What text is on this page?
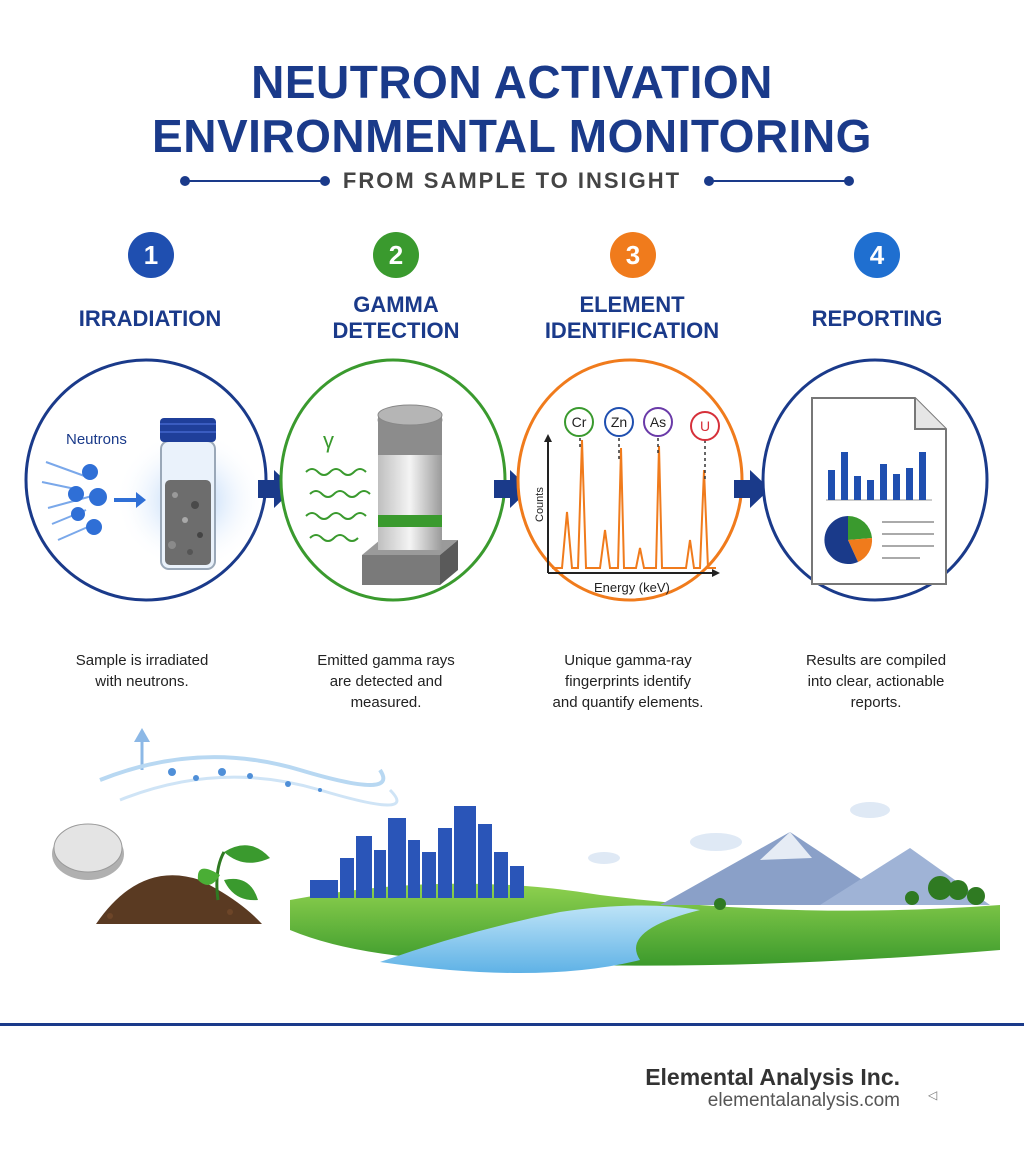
NEUTRON ACTIVATION
ENVIRONMENTAL MONITORING
FROM SAMPLE TO INSIGHT
1	2	3	4
IRRADIATION
GAMMA
DETECTION
ELEMENT
IDENTIFICATION	REPORTING
Neutrons	γ
Counts
Energy (keV)
Cr Zn As U
Sample is irradiated
with neutrons.
Emitted gamma rays
are detected and
measured.
Unique gamma-ray
fingerprints identify
and quantify elements.
Results are compiled
into clear, actionable
reports.
Elemental Analysis Inc.
elementalanalysis.com ◁
